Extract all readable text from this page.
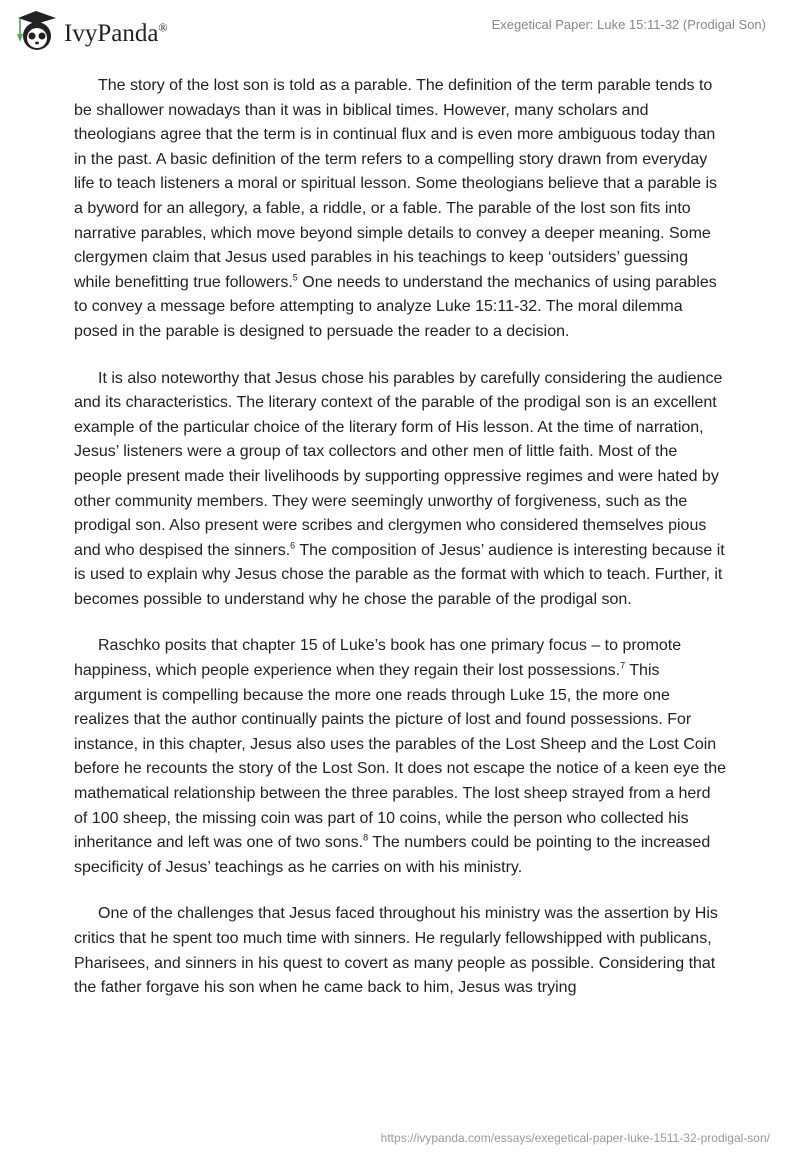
IvyPanda®	Exegetical Paper: Luke 15:11-32 (Prodigal Son)

The story of the lost son is told as a parable. The definition of the term parable tends to be shallower nowadays than it was in biblical times. However, many scholars and theologians agree that the term is in continual flux and is even more ambiguous today than in the past. A basic definition of the term refers to a compelling story drawn from everyday life to teach listeners a moral or spiritual lesson. Some theologians believe that a parable is a byword for an allegory, a fable, a riddle, or a fable. The parable of the lost son fits into narrative parables, which move beyond simple details to convey a deeper meaning. Some clergymen claim that Jesus used parables in his teachings to keep ‘outsiders’ guessing while benefitting true followers.$^5$ One needs to understand the mechanics of using parables to convey a message before attempting to analyze Luke 15:11-32. The moral dilemma posed in the parable is designed to persuade the reader to a decision.

It is also noteworthy that Jesus chose his parables by carefully considering the audience and its characteristics. The literary context of the parable of the prodigal son is an excellent example of the particular choice of the literary form of His lesson. At the time of narration, Jesus’ listeners were a group of tax collectors and other men of little faith. Most of the people present made their livelihoods by supporting oppressive regimes and were hated by other community members. They were seemingly unworthy of forgiveness, such as the prodigal son. Also present were scribes and clergymen who considered themselves pious and who despised the sinners.$^6$ The composition of Jesus’ audience is interesting because it is used to explain why Jesus chose the parable as the format with which to teach. Further, it becomes possible to understand why he chose the parable of the prodigal son.

Raschko posits that chapter 15 of Luke’s book has one primary focus – to promote happiness, which people experience when they regain their lost possessions.$^7$ This argument is compelling because the more one reads through Luke 15, the more one realizes that the author continually paints the picture of lost and found possessions. For instance, in this chapter, Jesus also uses the parables of the Lost Sheep and the Lost Coin before he recounts the story of the Lost Son. It does not escape the notice of a keen eye the mathematical relationship between the three parables. The lost sheep strayed from a herd of 100 sheep, the missing coin was part of 10 coins, while the person who collected his inheritance and left was one of two sons.$^8$ The numbers could be pointing to the increased specificity of Jesus’ teachings as he carries on with his ministry.

One of the challenges that Jesus faced throughout his ministry was the assertion by His critics that he spent too much time with sinners. He regularly fellowshipped with publicans, Pharisees, and sinners in his quest to covert as many people as possible. Considering that the father forgave his son when he came back to him, Jesus was trying

https://ivypanda.com/essays/exegetical-paper-luke-1511-32-prodigal-son/
